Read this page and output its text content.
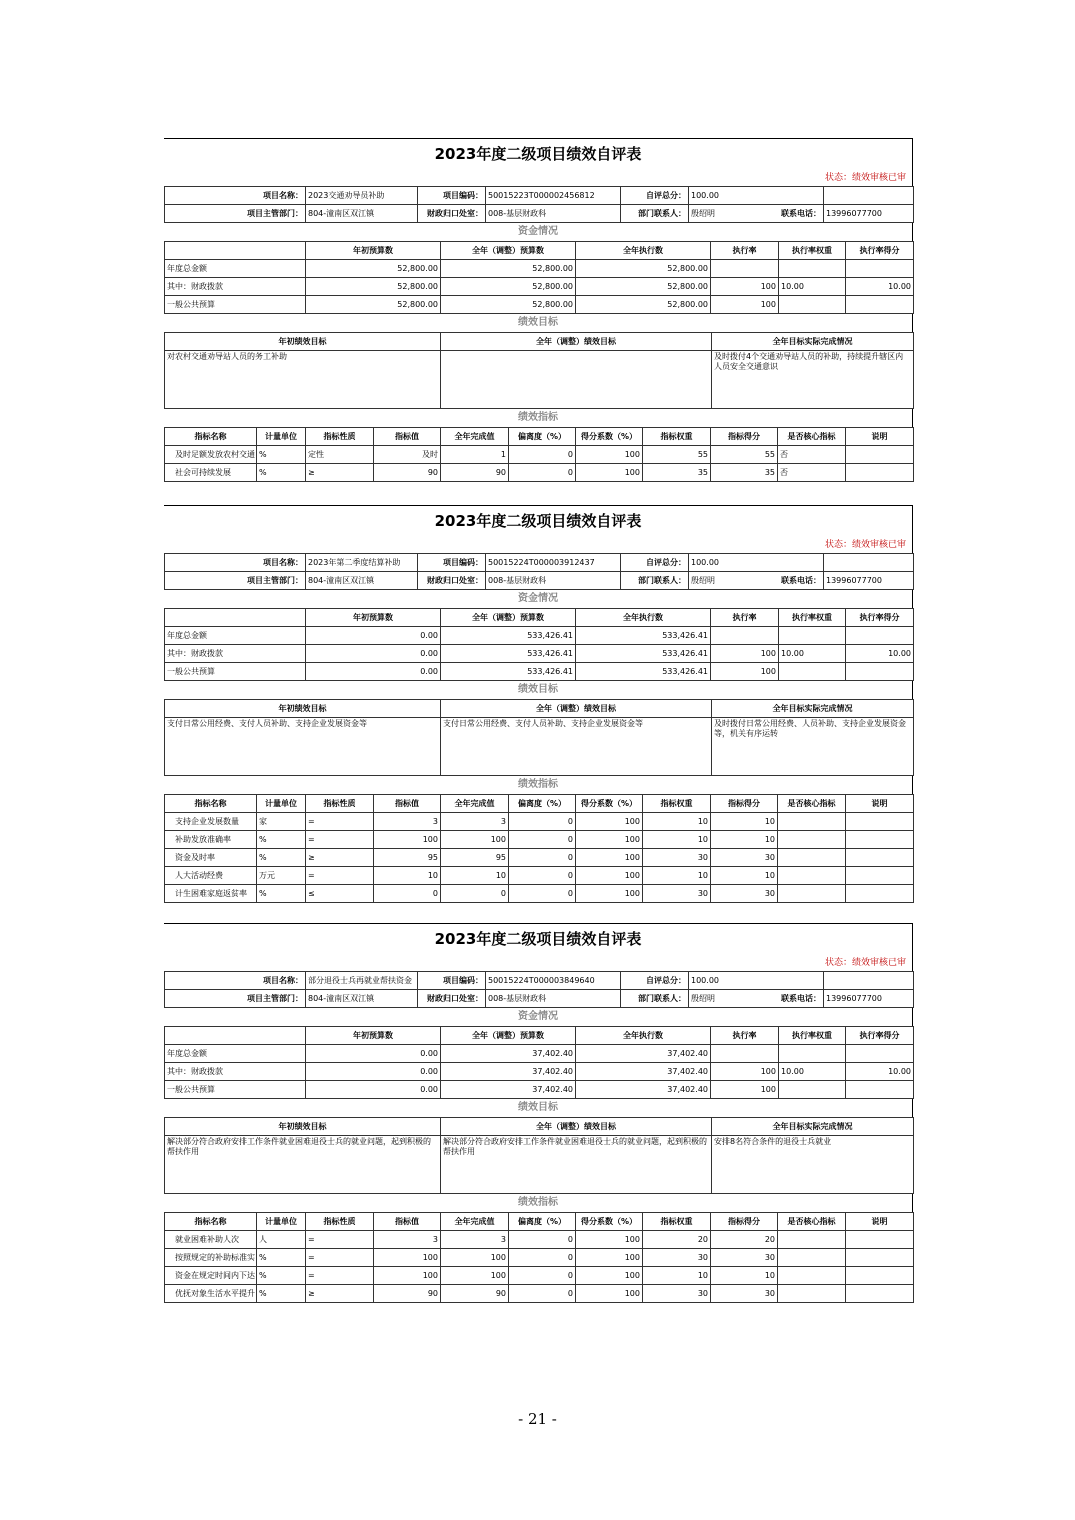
2023年度二级项目绩效自评表
状态：绩效审核已审
项目名称：	2023交通劝导员补助	项目编码：	50015223T000002456812	自评总分：	100.00	
项目主管部门：	804-潼南区双江镇	财政归口处室：	008-基层财政科	部门联系人：	殷绍明 联系电话：	13996077700
资金情况
	年初预算数	全年（调整）预算数	全年执行数	执行率	执行率权重	执行率得分
年度总金额	52,800.00	52,800.00	52,800.00			
其中：财政拨款	52,800.00	52,800.00	52,800.00	100	10.00	10.00
一般公共预算	52,800.00	52,800.00	52,800.00	100		
绩效目标
年初绩效目标	全年（调整）绩效目标	全年目标实际完成情况
对农村交通劝导站人员的务工补助		及时拨付4个交通劝导站人员的补助，持续提升辖区内人员安全交通意识
绩效指标
指标名称	计量单位	指标性质	指标值	全年完成值	偏离度（%）	得分系数（%）	指标权重	指标得分	是否核心指标	说明
及时足额发放农村交通	%	定性	及时	1	0	100	55	55	否	
社会可持续发展	%	≥	90	90	0	100	35	35	否	
2023年度二级项目绩效自评表
状态：绩效审核已审
项目名称：	2023年第二季度结算补助	项目编码：	50015224T000003912437	自评总分：	100.00	
项目主管部门：	804-潼南区双江镇	财政归口处室：	008-基层财政科	部门联系人：	殷绍明 联系电话：	13996077700
资金情况
	年初预算数	全年（调整）预算数	全年执行数	执行率	执行率权重	执行率得分
年度总金额	0.00	533,426.41	533,426.41			
其中：财政拨款	0.00	533,426.41	533,426.41	100	10.00	10.00
一般公共预算	0.00	533,426.41	533,426.41	100		
绩效目标
年初绩效目标	全年（调整）绩效目标	全年目标实际完成情况
支付日常公用经费、支付人员补助、支持企业发展资金等	支付日常公用经费、支付人员补助、支持企业发展资金等	及时拨付日常公用经费、人员补助、支持企业发展资金等，机关有序运转
绩效指标
指标名称	计量单位	指标性质	指标值	全年完成值	偏离度（%）	得分系数（%）	指标权重	指标得分	是否核心指标	说明
支持企业发展数量	家	=	3	3	0	100	10	10		
补助发放准确率	%	=	100	100	0	100	10	10		
资金及时率	%	≥	95	95	0	100	30	30		
人大活动经费	万元	=	10	10	0	100	10	10		
计生困难家庭返贫率	%	≤	0	0	0	100	30	30		
2023年度二级项目绩效自评表
状态：绩效审核已审
项目名称：	部分退役士兵再就业帮扶资金	项目编码：	50015224T000003849640	自评总分：	100.00	
项目主管部门：	804-潼南区双江镇	财政归口处室：	008-基层财政科	部门联系人：	殷绍明 联系电话：	13996077700
资金情况
	年初预算数	全年（调整）预算数	全年执行数	执行率	执行率权重	执行率得分
年度总金额	0.00	37,402.40	37,402.40			
其中：财政拨款	0.00	37,402.40	37,402.40	100	10.00	10.00
一般公共预算	0.00	37,402.40	37,402.40	100		
绩效目标
年初绩效目标	全年（调整）绩效目标	全年目标实际完成情况
解决部分符合政府安排工作条件就业困难退役士兵的就业问题，起到积极的帮扶作用	解决部分符合政府安排工作条件就业困难退役士兵的就业问题，起到积极的帮扶作用	安排8名符合条件的退役士兵就业
绩效指标
指标名称	计量单位	指标性质	指标值	全年完成值	偏离度（%）	得分系数（%）	指标权重	指标得分	是否核心指标	说明
就业困难补助人次	人	=	3	3	0	100	20	20		
按照规定的补助标准实	%	=	100	100	0	100	30	30		
资金在规定时间内下达	%	=	100	100	0	100	10	10		
优抚对象生活水平提升	%	≥	90	90	0	100	30	30		
- 21 -
